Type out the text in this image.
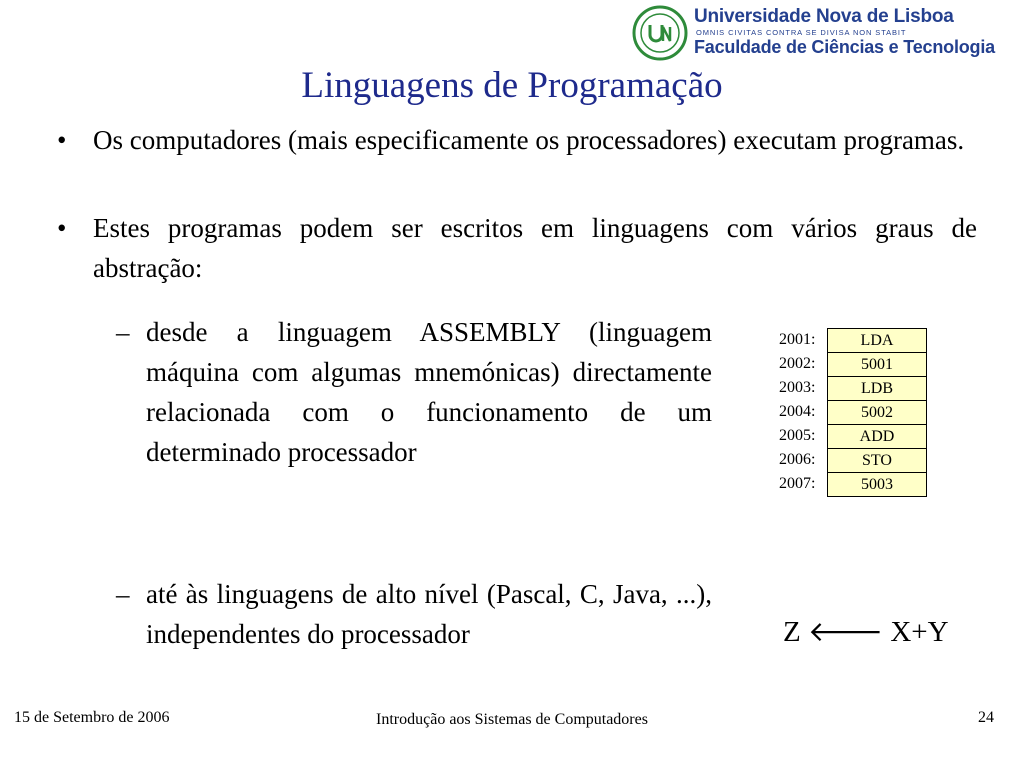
Universidade Nova de Lisboa
OMNIS CIVITAS CONTRA SE DIVISA NON STABIT
Faculdade de Ciências e Tecnologia
Linguagens de Programação
• Os computadores (mais especificamente os processadores) executam programas.
• Estes programas podem ser escritos em linguagens com vários graus de abstração:
– desde a linguagem ASSEMBLY (linguagem máquina com algumas mnemónicas) directamente relacionada com o funcionamento de um determinado processador
– até às linguagens de alto nível (Pascal, C, Java, ...), independentes do processador
2001:	LDA
2002:	5001
2003:	LDB
2004:	5002
2005:	ADD
2006:	STO
2007:	5003
Z 🡐 X+Y
15 de Setembro de 2006	Introdução aos Sistemas de Computadores	24
